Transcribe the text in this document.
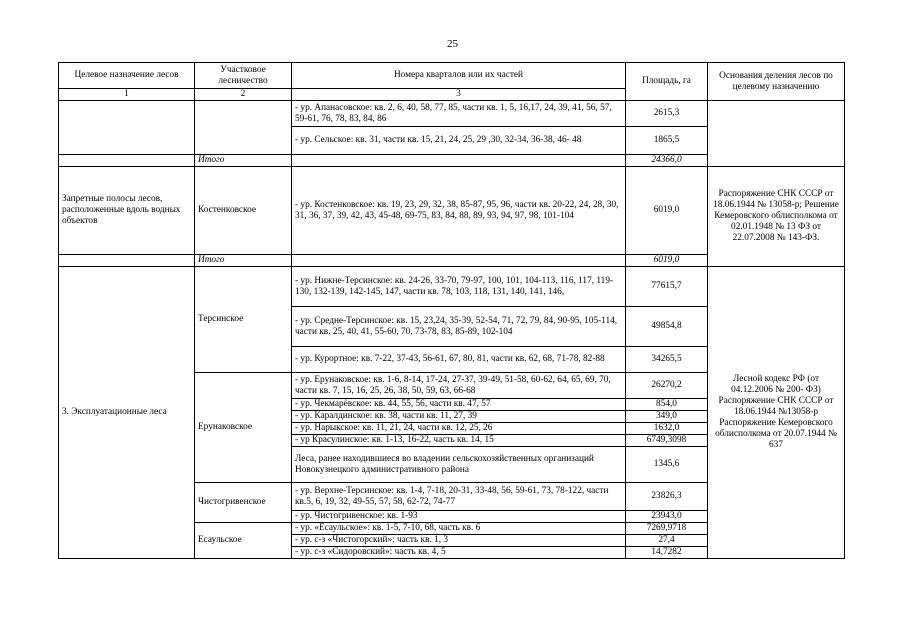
25
Целевое назначение лесов	Участковое лесничество	Номера кварталов или их частей	Площадь, га	Основания деления лесов по целевому назначению
1	2	3	
		- ур. Апанасовское: кв. 2, 6, 40, 58, 77, 85, части кв. 1, 5, 16,17, 24, 39, 41, 56, 57, 59-61, 76, 78, 83, 84, 86	2615,3	
		- ур. Сельское: кв. 31, части кв. 15, 21, 24, 25, 29 ,30, 32-34, 36-38, 46- 48	1865,5	
	Итого		24366,0	
Запретные полосы лесов, расположенные вдоль водных объектов	Костенковское	- ур. Костенковское: кв. 19, 23, 29, 32, 38, 85-87, 95, 96, части кв. 20-22, 24, 28, 30, 31, 36, 37, 39, 42, 43, 45-48, 69-75, 83, 84, 88, 89, 93, 94, 97, 98, 101-104	6019,0	Распоряжение СНК СССР от 18.06.1944 № 13058-р; Решение Кемеровского облисполкома от 02.01.1948 № 13 ФЗ от 22.07.2008 № 143-ФЗ.
	Итого		6019,0	
3. Эксплуатационные леса	Терсинское	- ур. Нижне-Терсинское: кв. 24-26, 33-70, 79-97, 100, 101, 104-113, 116, 117, 119-130, 132-139, 142-145, 147, части кв. 78, 103, 118, 131, 140, 141, 146,	77615,7	Лесной кодекс РФ (от 04.12.2006 № 200- ФЗ) Распоряжение СНК СССР от 18.06.1944 №13058-р Распоряжение Кемеровского облисполкома от 20.07.1944 № 637
		- ур. Средне-Терсинское: кв. 15, 23,24, 35-39, 52-54, 71, 72, 79, 84, 90-95, 105-114, части кв. 25, 40, 41, 55-60, 70, 73-78, 83, 85-89, 102-104	49854,8	
		- ур. Курортное: кв. 7-22, 37-43, 56-61, 67, 80, 81, части кв. 62, 68, 71-78, 82-88	34265,5	
	Ерунаковское	- ур. Ерунаковское: кв. 1-6, 8-14, 17-24, 27-37, 39-49, 51-58, 60-62, 64, 65, 69, 70, части кв. 7, 15, 16, 25, 26, 38, 50, 59, 63, 66-68	26270,2	
		- ур. Чекмарёвское: кв. 44, 55, 56, части кв. 47, 57	854,0	
		- ур. Каралдинское: кв. 38, части кв. 11, 27, 39	349,0	
		- ур. Нарыкское: кв. 11, 21, 24, части кв. 12, 25, 26	1632,0	
		- ур Красулинское: кв. 1-13, 16-22, часть кв. 14, 15	6749,3098	
		Леса, ранее находившиеся во владении сельскохозяйственных организаций Новокузнецкого административного района	1345,6	
	Чистогривенское	- ур. Верхне-Терсинское: кв. 1-4, 7-18, 20-31, 33-48, 56, 59-61, 73, 78-122, части кв.5, 6, 19, 32, 49-55, 57, 58, 62-72, 74-77	23826,3	
		- ур. Чистогривенское: кв. 1-93	23943,0	
	Есаульское	- ур. «Есаульское»: кв. 1-5, 7-10, 68, часть кв. 6	7269,9718	
		- ур. с-з «Чистогорский»: часть кв. 1, 3	27,4	
		- ур. с-з «Сидоровский»: часть кв. 4, 5	14,7282	
